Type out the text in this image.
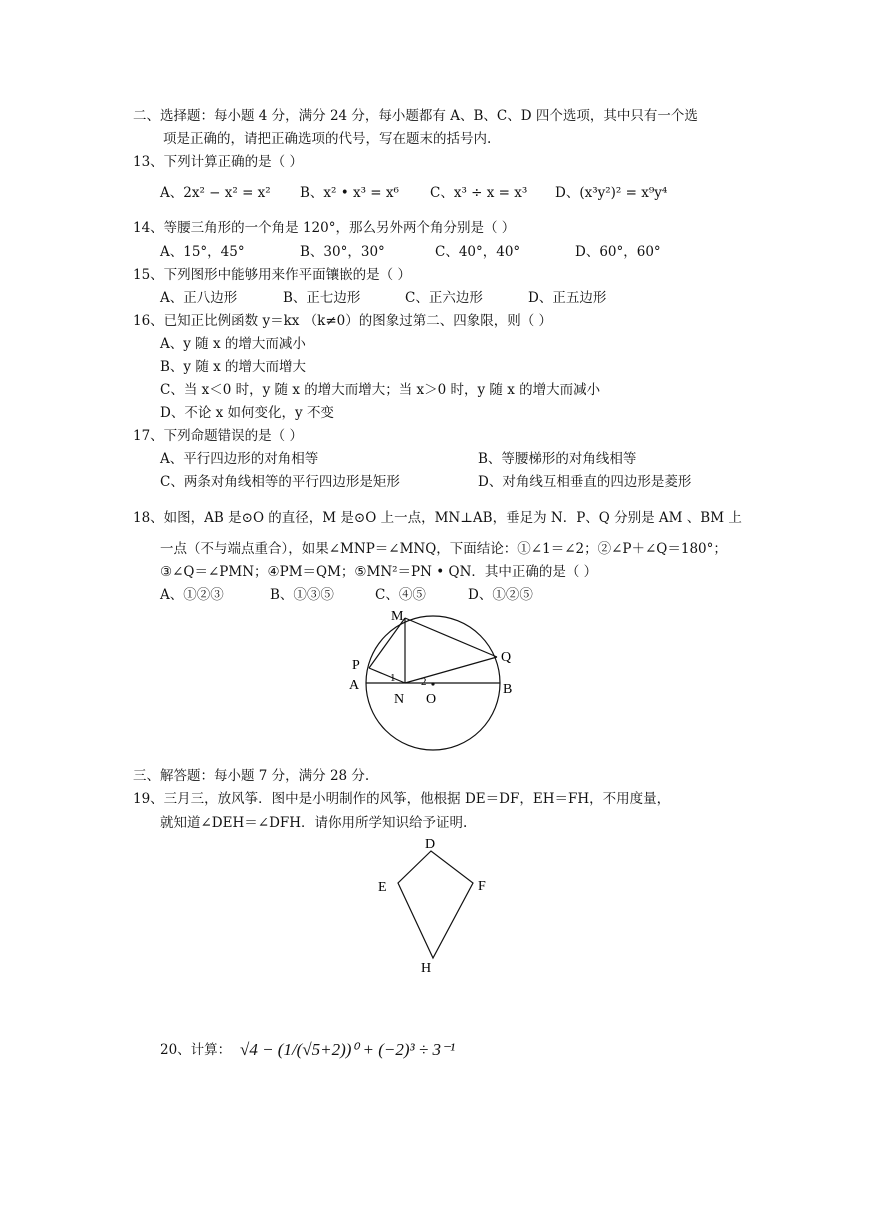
二、选择题：每小题 4 分，满分 24 分，每小题都有 A、B、C、D 四个选项，其中只有一个选
项是正确的，请把正确选项的代号，写在题末的括号内.
13、下列计算正确的是（ ）
A、2x² − x² = x² B、x² • x³ = x⁶ C、x³ ÷ x = x³ D、(x³y²)² = x⁹y⁴
14、等腰三角形的一个角是 120°，那么另外两个角分别是（ ）
A、15°，45°	B、30°，30°	C、40°，40°	D、60°，60°
15、下列图形中能够用来作平面镶嵌的是（ ）
A、正八边形	B、正七边形	C、正六边形	D、正五边形
16、已知正比例函数 y＝kx （k≠0）的图象过第二、四象限，则（ ）
A、y 随 x 的增大而减小
B、y 随 x 的增大而增大
C、当 x＜0 时，y 随 x 的增大而增大；当 x＞0 时，y 随 x 的增大而减小
D、不论 x 如何变化，y 不变
17、下列命题错误的是（ ）
A、平行四边形的对角相等	B、等腰梯形的对角线相等
C、两条对角线相等的平行四边形是矩形	D、对角线互相垂直的四边形是菱形
18、如图，AB 是⊙O 的直径，M 是⊙O 上一点，MN⊥AB，垂足为 N．P、Q 分别是 AM 、BM 上
一点（不与端点重合），如果∠MNP＝∠MNQ，下面结论：①∠1＝∠2；②∠P＋∠Q＝180°；
③∠Q＝∠PMN；④PM＝QM；⑤MN²＝PN • QN．其中正确的是（ ）
A、①②③	B、①③⑤	C、④⑤	D、①②⑤
M
P
Q
A	B
N O
1 2
三、解答题：每小题 7 分，满分 28 分.
19、三月三，放风筝．图中是小明制作的风筝，他根据 DE＝DF，EH＝FH，不用度量，
就知道∠DEH＝∠DFH．请你用所学知识给予证明.
D
E	F
H
20、计算： √4 − (1/(√5+2))⁰ + (−2)³ ÷ 3⁻¹
